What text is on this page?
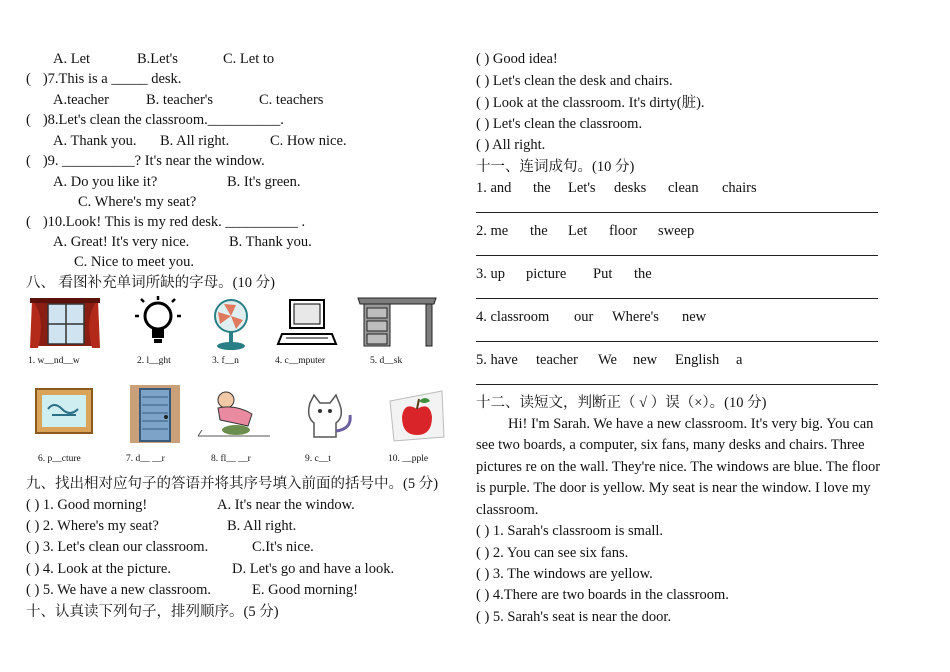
A. Let	B.Let's	C. Let to
( )7.This is a _____ desk.
A.teacher	B. teacher's	C. teachers
( )8.Let's clean the classroom.__________.
A. Thank you. B. All right.	C. How nice.
( )9. __________? It's near the window.
A. Do you like it?	B. It's green.
C. Where's my seat?
( )10.Look! This is my red desk. __________ .
A. Great! It's very nice.	B. Thank you.
C. Nice to meet you.
八、 看图补充单词所缺的字母。(10 分)
1. w__nd__w	2. l__ght	3. f__n	4. c__mputer	5. d__sk
6. p__cture	7. d__ __r	8. fl__ __r	9. c__t	10. __pple
九、找出相对应句子的答语并将其序号填入前面的括号中。(5 分)
( ) 1. Good morning!	A. It's near the window.
( ) 2. Where's my seat?	B. All right.
( ) 3. Let's clean our classroom.	C.It's nice.
( ) 4. Look at the picture.	D. Let's go and have a look.
( ) 5. We have a new classroom.	E. Good morning!
十、认真读下列句子，排列顺序。(5 分)
( ) Good idea!
( ) Let's clean the desk and chairs.
( ) Look at the classroom. It's dirty(脏).
( ) Let's clean the classroom.
( ) All right.
十一、连词成句。(10 分)
1. and the Let's desks clean chairs
2. me the Let floor sweep
3. up picture Put the
4. classroom our Where's new
5. have teacher We new English a
十二、读短文，判断正（ √ ）误（×）。(10 分)
Hi! I'm Sarah. We have a new classroom. It's very big. You can
see two boards, a computer, six fans, many desks and chairs. Three
pictures re on the wall. They're nice. The windows are blue. The floor
is purple. The door is yellow. My seat is near the window. I love my
classroom.
( ) 1. Sarah's classroom is small.
( ) 2. You can see six fans.
( ) 3. The windows are yellow.
( ) 4.There are two boards in the classroom.
( ) 5. Sarah's seat is near the door.
